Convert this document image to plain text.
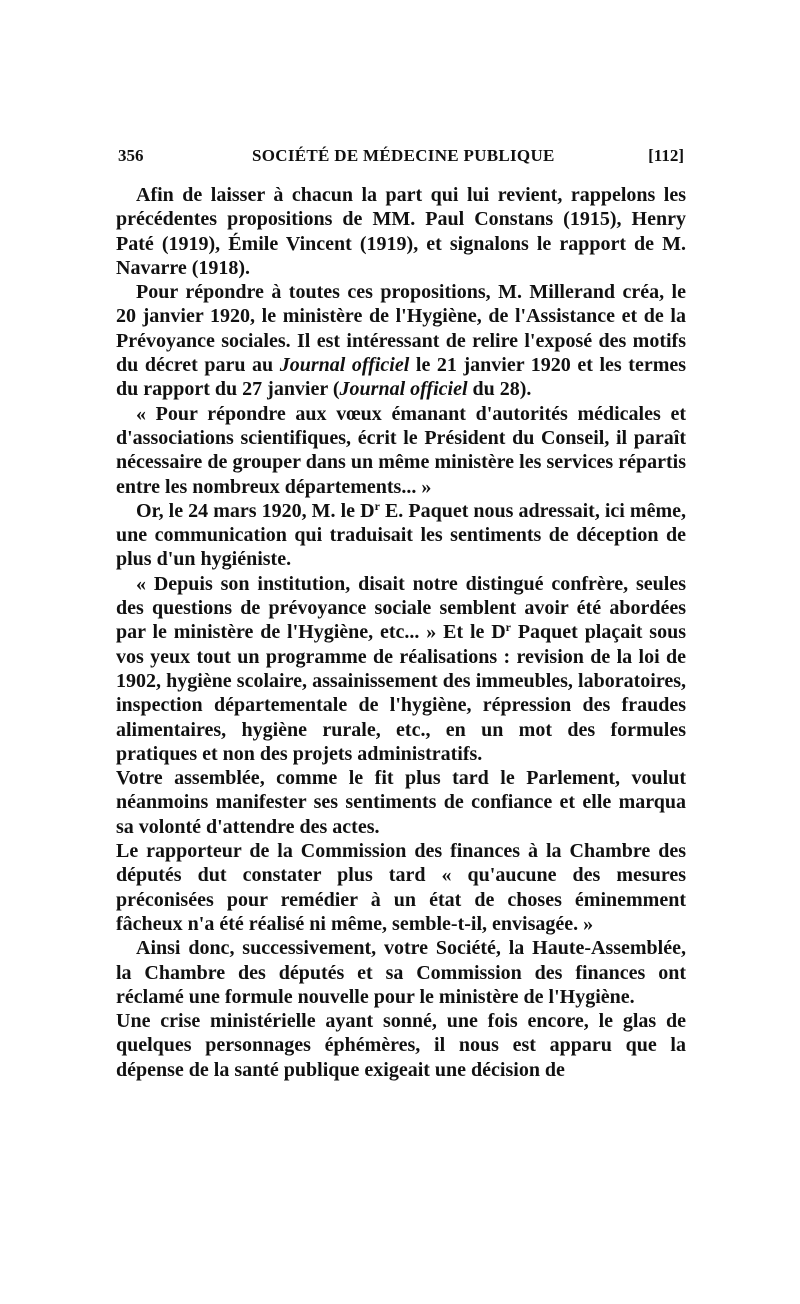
356	SOCIÉTÉ DE MÉDECINE PUBLIQUE	[112]

Afin de laisser à chacun la part qui lui revient, rappelons les précédentes propositions de MM. Paul Constans (1915), Henry Paté (1919), Émile Vincent (1919), et signalons le rapport de M. Navarre (1918).

Pour répondre à toutes ces propositions, M. Millerand créa, le 20 janvier 1920, le ministère de l'Hygiène, de l'Assistance et de la Prévoyance sociales. Il est intéressant de relire l'exposé des motifs du décret paru au Journal officiel le 21 janvier 1920 et les termes du rapport du 27 janvier (Journal officiel du 28).

« Pour répondre aux vœux émanant d'autorités médicales et d'associations scientifiques, écrit le Président du Conseil, il paraît nécessaire de grouper dans un même ministère les services répartis entre les nombreux départements... »

Or, le 24 mars 1920, M. le $D^r$ E. Paquet nous adressait, ici même, une communication qui traduisait les sentiments de déception de plus d'un hygiéniste.

« Depuis son institution, disait notre distingué confrère, seules des questions de prévoyance sociale semblent avoir été abordées par le ministère de l'Hygiène, etc... » Et le $D^r$ Paquet plaçait sous vos yeux tout un programme de réalisations : revision de la loi de 1902, hygiène scolaire, assainissement des immeubles, laboratoires, inspection départementale de l'hygiène, répression des fraudes alimentaires, hygiène rurale, etc., en un mot des formules pratiques et non des projets administratifs.

Votre assemblée, comme le fit plus tard le Parlement, voulut néanmoins manifester ses sentiments de confiance et elle marqua sa volonté d'attendre des actes.

Le rapporteur de la Commission des finances à la Chambre des députés dut constater plus tard « qu'aucune des mesures préconisées pour remédier à un état de choses éminemment fâcheux n'a été réalisé ni même, semble-t-il, envisagée. »

Ainsi donc, successivement, votre Société, la Haute-Assemblée, la Chambre des députés et sa Commission des finances ont réclamé une formule nouvelle pour le ministère de l'Hygiène.

Une crise ministérielle ayant sonné, une fois encore, le glas de quelques personnages éphémères, il nous est apparu que la dépense de la santé publique exigeait une décision de
